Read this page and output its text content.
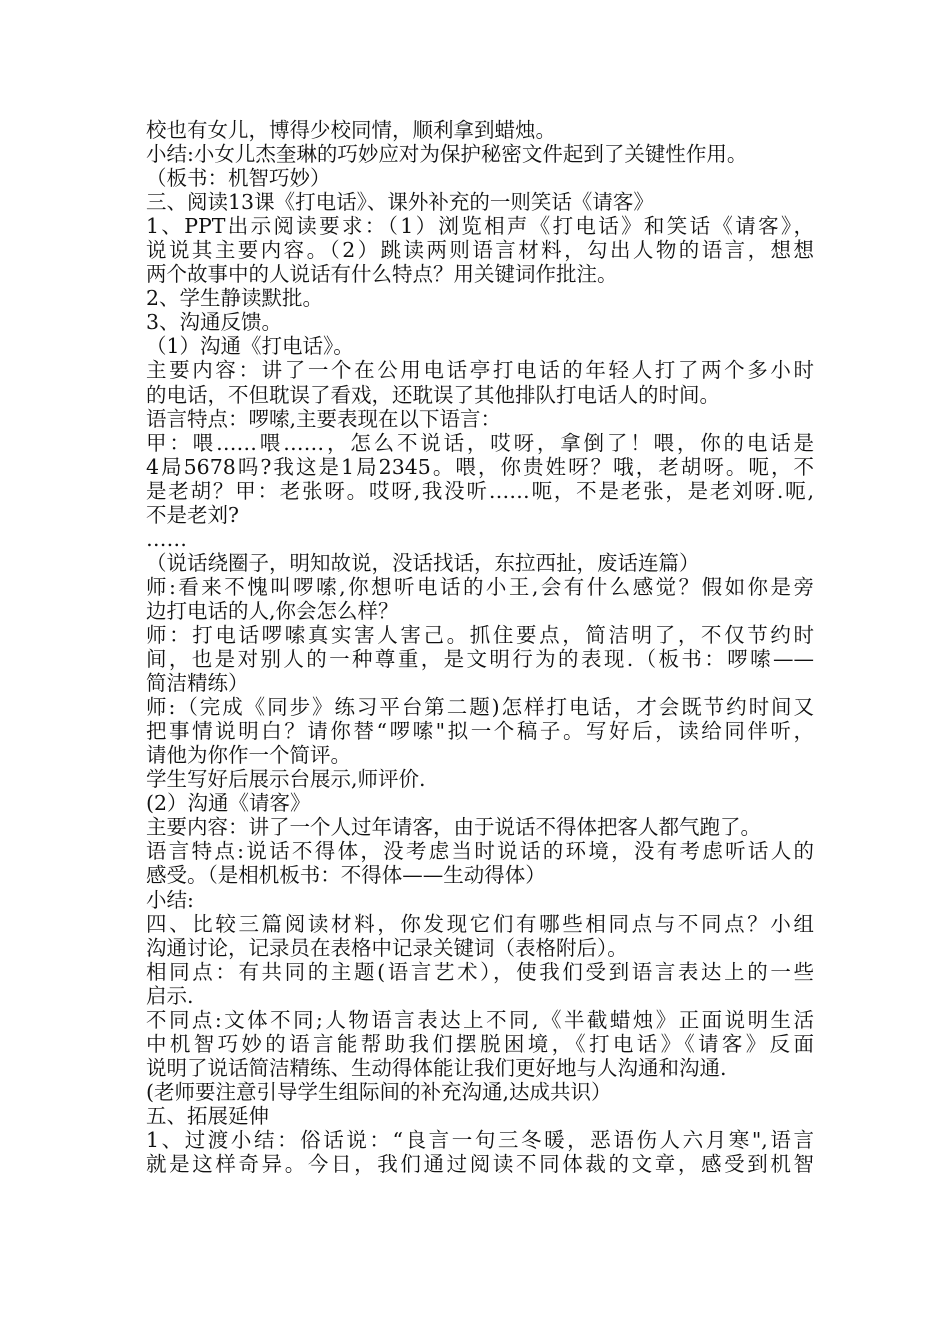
校也有女儿，博得少校同情，顺利拿到蜡烛。
小结:小女儿杰奎琳的巧妙应对为保护秘密文件起到了关键性作用。
（板书：机智巧妙）
三、阅读13课《打电话》、课外补充的一则笑话《请客》
1、PPT出示阅读要求：（1）浏览相声《打电话》和笑话《请客》，
说说其主要内容。（2）跳读两则语言材料，勾出人物的语言，想想
两个故事中的人说话有什么特点？用关键词作批注。
2、学生静读默批。
3、沟通反馈。
（1）沟通《打电话》。
主要内容：讲了一个在公用电话亭打电话的年轻人打了两个多小时
的电话，不但耽误了看戏，还耽误了其他排队打电话人的时间。
语言特点：啰嗦,主要表现在以下语言：
甲：喂……喂……，怎么不说话，哎呀，拿倒了！喂，你的电话是
4局5678吗?我这是1局2345。喂，你贵姓呀？哦，老胡呀。呃，不
是老胡？甲：老张呀。哎呀,我没听……呃，不是老张，是老刘呀.呃,
不是老刘?
……
（说话绕圈子，明知故说，没话找话，东拉西扯，废话连篇）
师:看来不愧叫啰嗦,你想听电话的小王,会有什么感觉？假如你是旁
边打电话的人,你会怎么样？
师：打电话啰嗦真实害人害己。抓住要点，简洁明了，不仅节约时
间，也是对别人的一种尊重，是文明行为的表现.（板书：啰嗦——
简洁精练）
师:（完成《同步》练习平台第二题)怎样打电话，才会既节约时间又
把事情说明白？请你替“啰嗦"拟一个稿子。写好后，读给同伴听，
请他为你作一个简评。
学生写好后展示台展示,师评价.
(2）沟通《请客》
主要内容：讲了一个人过年请客，由于说话不得体把客人都气跑了。
语言特点:说话不得体，没考虑当时说话的环境，没有考虑听话人的
感受。（是相机板书：不得体——生动得体）
小结:
四、比较三篇阅读材料，你发现它们有哪些相同点与不同点？小组
沟通讨论，记录员在表格中记录关键词（表格附后）。
相同点：有共同的主题(语言艺术），使我们受到语言表达上的一些
启示.
不同点:文体不同;人物语言表达上不同,《半截蜡烛》正面说明生活
中机智巧妙的语言能帮助我们摆脱困境，《打电话》《请客》反面
说明了说话简洁精练、生动得体能让我们更好地与人沟通和沟通.
(老师要注意引导学生组际间的补充沟通,达成共识）
五、拓展延伸
1、过渡小结：俗话说：“良言一句三冬暖，恶语伤人六月寒",语言
就是这样奇异。今日，我们通过阅读不同体裁的文章，感受到机智
